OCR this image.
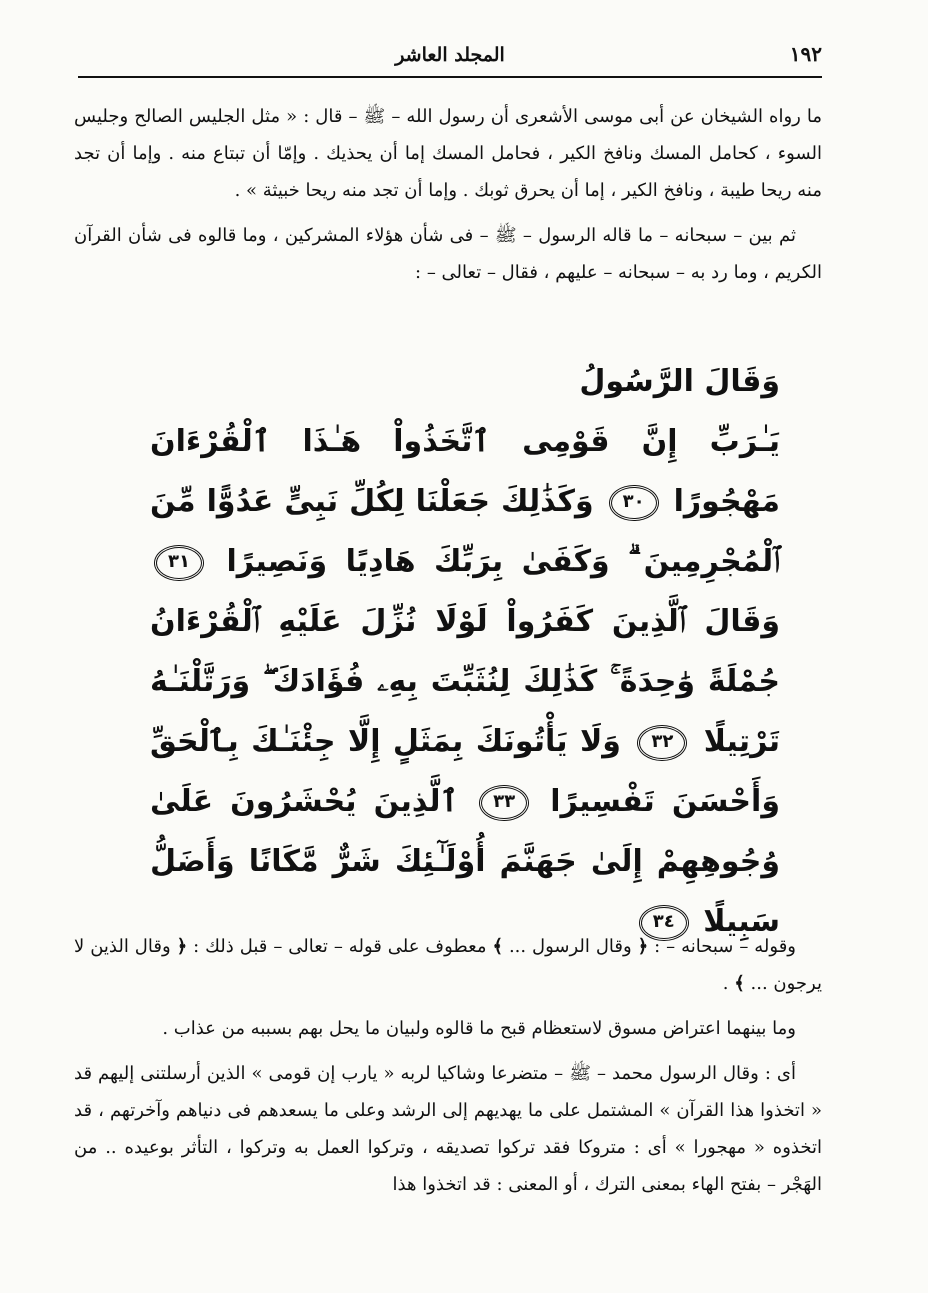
١٩٢
المجلد العاشر

ما رواه الشيخان عن أبى موسى الأشعرى أن رسول الله – ﷺ – قال : « مثل الجليس الصالح وجليس السوء ، كحامل المسك ونافخ الكير ، فحامل المسك إما أن يحذيك . وإمّا أن تبتاع منه . وإما أن تجد منه ريحا طيبة ، ونافخ الكير ، إما أن يحرق ثوبك . وإما أن تجد منه ريحا خبيثة » .

ثم بين – سبحانه – ما قاله الرسول – ﷺ – فى شأن هؤلاء المشركين ، وما قالوه فى شأن القرآن الكريم ، وما رد به – سبحانه – عليهم ، فقال – تعالى – :

وَقَالَ الرَّسُولُ
يَـٰرَبِّ إِنَّ قَوْمِى ٱتَّخَذُواْ هَـٰذَا ٱلْقُرْءَانَ مَهْجُورًا ٣٠ وَكَذَٰلِكَ جَعَلْنَا لِكُلِّ نَبِىٍّ عَدُوًّا مِّنَ ٱلْمُجْرِمِينَ ۗ وَكَفَىٰ بِرَبِّكَ هَادِيًا وَنَصِيرًا ٣١ وَقَالَ ٱلَّذِينَ كَفَرُواْ لَوْلَا نُزِّلَ عَلَيْهِ ٱلْقُرْءَانُ جُمْلَةً وَٰحِدَةً ۚ كَذَٰلِكَ لِنُثَبِّتَ بِهِۦ فُؤَادَكَ ۖ وَرَتَّلْنَـٰهُ تَرْتِيلًا ٣٢ وَلَا يَأْتُونَكَ بِمَثَلٍ إِلَّا جِئْنَـٰكَ بِٱلْحَقِّ وَأَحْسَنَ تَفْسِيرًا ٣٣ ٱلَّذِينَ يُحْشَرُونَ عَلَىٰ وُجُوهِهِمْ إِلَىٰ جَهَنَّمَ أُوْلَـٰٓئِكَ شَرٌّ مَّكَانًا وَأَضَلُّ سَبِيلًا ٣٤

وقوله – سبحانه – : ﴿ وقال الرسول ... ﴾ معطوف على قوله – تعالى – قبل ذلك : ﴿ وقال الذين لا يرجون ... ﴾ .

وما بينهما اعتراض مسوق لاستعظام قبح ما قالوه ولبيان ما يحل بهم بسببه من عذاب .

أى : وقال الرسول محمد – ﷺ – متضرعا وشاكيا لربه « يارب إن قومى » الذين أرسلتنى إليهم قد « اتخذوا هذا القرآن » المشتمل على ما يهديهم إلى الرشد وعلى ما يسعدهم فى دنياهم وآخرتهم ، قد اتخذوه « مهجورا » أى : متروكا فقد تركوا تصديقه ، وتركوا العمل به وتركوا ، التأثر بوعيده .. من الهَجْر – بفتح الهاء بمعنى الترك ، أو المعنى : قد اتخذوا هذا
